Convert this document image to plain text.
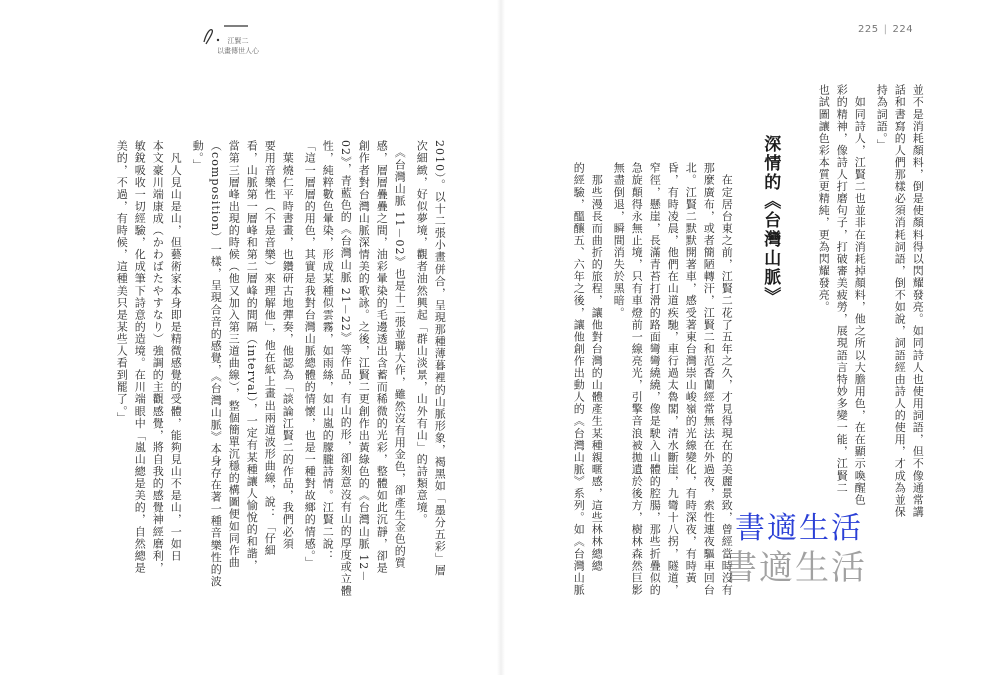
江賢二
以畫傳世人心
225 | 224
並不是消耗顏料，倒是使顏料得以閃耀發亮。如同詩人也使用詞語，但不像通常講
話和書寫的人們那樣必須消耗詞語，倒不如說，詞語經由詩人的使用，才成為並保
持為詞語。」
　如同詩人，江賢二也並非在消耗掉顏料，他之所以大膽用色，在在顯示喚醒色
彩的精神，像詩人打磨句子，打破審美疲勞，展現語言特妙多變一能，江賢二
也試圖讓色彩本質更精純，更為閃耀發亮。
深情的《台灣山脈》
　在定居台東之前，江賢二花了五年之久，才見得現在的美麗景致，曾經當時沒有
那麼廣布，或者簡陋轉汗，江賢二和范香蘭經常無法在外過夜，索性連夜驅車回台
北。江賢二默默開著車，感受著東台灣崇山峻嶺的光線變化，有時深夜，有時黃
昏，有時凌晨，他們在山道疾馳，車行過太魯閣，清水斷崖，九彎十八拐，隧道，
窄徑，懸崖，長滿青苔打滑的路面彎彎繞繞，像是駛入山體的腔腸，那些折疊似的
急旋顛得永無止境，只有車燈前一線亮光，引擎音浪被拋遺於後方，樹林森然巨影
無盡倒退，瞬間消失於黑暗。
　那些漫長而曲折的旅程，讓他對台灣的山體產生某種親暱感，這些林林總總
的經驗，醞釀五、六年之後，讓他創作出動人的《台灣山脈》系列。如《台灣山脈
2010）。以十二張小畫併合，呈現那種薄暮裡的山脈形象，褐黑如「墨分五彩」層
次細緻，好似夢境，觀者油然興起「群山淡景，山外有山」的詩類意境。
　《台灣山脈 11－02》也是十二張並聯大作，雖然沒有用金色，卻產生金色的質
感，層層疊疊之間，油彩暈染的毛邊透出含蓄而稀微的光彩，整體如此沉靜，卻是
創作者對台灣山脈深情美的歌詠。之後，江賢二更創作出黃綠色的《台灣山脈 12－
02》，青藍色的《台灣山脈 21－22》等作品，有山的形，卻刻意沒有山的厚度或立體
性，純粹數色暈染，形成某種似雲霧，如雨絲，如山嵐的朦朧詩情。江賢二說：
「這一層層的用色，其實是我對台灣山脈總體的情懷，也是一種對故鄉的情感。」
　葉燒仁平時書畫，也鑽研古地彈奏，他認為「談論江賢二的作品，我們必須
要用音樂性（不是音樂）來理解他」，他在紙上畫出兩道波形曲線，說：「仔細
看，山脈第一層峰和第二層峰的間隔（interval），一定有某種讓人愉悅的和諧，
當第三層峰出現的時候（他又加入第三道曲線），整個簡單沉穩的構圖便如同作曲
（composition）一樣，呈現合音的感覺，《台灣山脈》本身存在著一種音樂性的波
動。」
　凡人見山是山，但藝術家本身即是精微感覺的受體，能夠見山不是山，一如日
本文豪川端康成（かわばたやすなり）強調的主觀感覺，將自我的感覺神經磨利，
敏銳吸收一切經驗，化成筆下詩意的造境。在川端眼中「嵐山總是美的，自然總是
美的，不過，有時候，這種美只是某些人看到罷了。」
書適生活
書適生活
